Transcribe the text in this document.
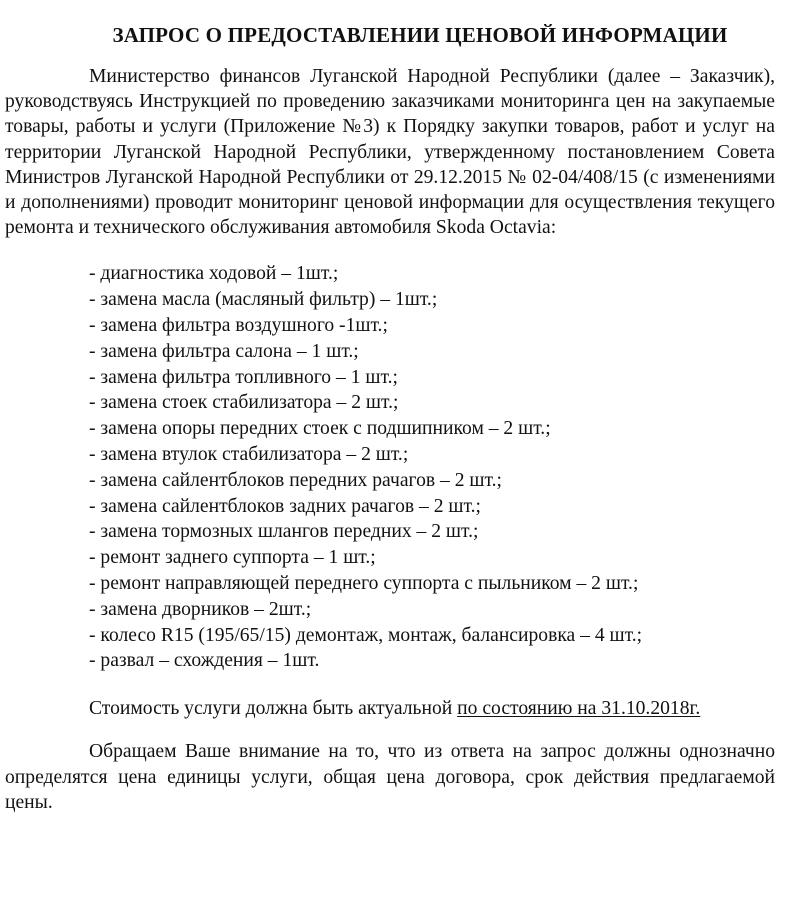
ЗАПРОС О ПРЕДОСТАВЛЕНИИ ЦЕНОВОЙ ИНФОРМАЦИИ

Министерство финансов Луганской Народной Республики (далее – Заказчик), руководствуясь Инструкцией по проведению заказчиками мониторинга цен на закупаемые товары, работы и услуги (Приложение №3) к Порядку закупки товаров, работ и услуг на территории Луганской Народной Республики, утвержденному постановлением Совета Министров Луганской Народной Республики от 29.12.2015 № 02-04/408/15 (с изменениями и дополнениями) проводит мониторинг ценовой информации для осуществления текущего ремонта и технического обслуживания автомобиля Skoda Octavia:

- диагностика ходовой – 1шт.;
- замена масла (масляный фильтр) – 1шт.;
- замена фильтра воздушного -1шт.;
- замена фильтра салона – 1 шт.;
- замена фильтра топливного – 1 шт.;
- замена стоек стабилизатора – 2 шт.;
- замена опоры передних стоек с подшипником – 2 шт.;
- замена втулок стабилизатора – 2 шт.;
- замена сайлентблоков передних рачагов – 2 шт.;
- замена сайлентблоков задних рачагов – 2 шт.;
- замена тормозных шлангов передних – 2 шт.;
- ремонт заднего суппорта – 1 шт.;
- ремонт направляющей переднего суппорта с пыльником – 2 шт.;
- замена дворников – 2шт.;
- колесо R15 (195/65/15) демонтаж, монтаж, балансировка – 4 шт.;
- развал – схождения – 1шт.

Стоимость услуги должна быть актуальной по состоянию на 31.10.2018г.

Обращаем Ваше внимание на то, что из ответа на запрос должны однозначно определятся цена единицы услуги, общая цена договора, срок действия предлагаемой цены.
